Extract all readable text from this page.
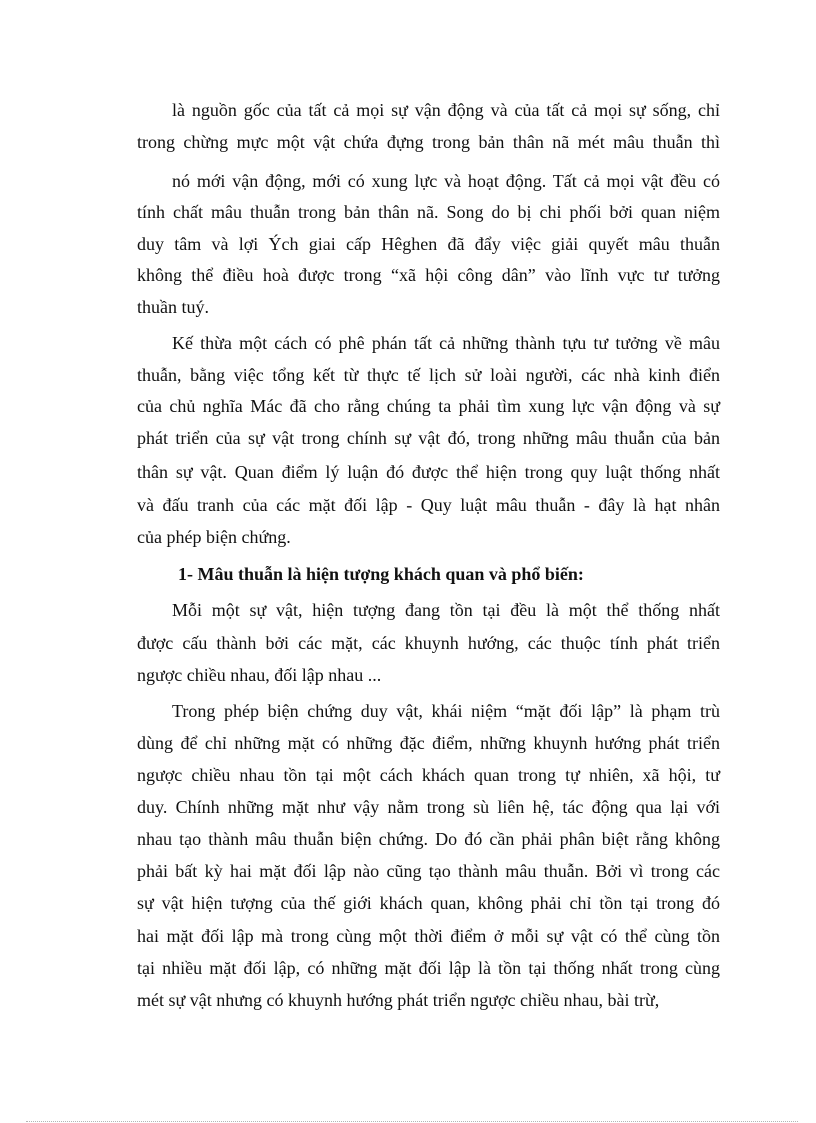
là nguồn gốc của tất cả mọi sự vận động và của tất cả mọi sự sống, chỉ
trong chừng mực một vật chứa đựng trong bản thân nã mét mâu thuẫn thì
nó mới vận động, mới có xung lực và hoạt động. Tất cả mọi vật đều có
tính chất mâu thuẫn trong bản thân nã. Song do bị chi phối bởi quan niệm
duy tâm và lợi Ých giai cấp Hêghen đã đẩy việc giải quyết mâu thuẫn
không thể điều hoà được trong “xã hội công dân” vào lĩnh vực tư tưởng
thuần tuý.
Kế thừa một cách có phê phán tất cả những thành tựu tư tưởng về mâu
thuẫn, bằng việc tổng kết từ thực tế lịch sử loài người, các nhà kinh điển
của chủ nghĩa Mác đã cho rằng chúng ta phải tìm xung lực vận động và sự
phát triển của sự vật trong chính sự vật đó, trong những mâu thuẫn của bản
thân sự vật. Quan điểm lý luận đó được thể hiện trong quy luật thống nhất
và đấu tranh của các mặt đối lập - Quy luật mâu thuẫn - đây là hạt nhân
của phép biện chứng.
1- Mâu thuẫn là hiện tượng khách quan và phổ biến:
Mỗi một sự vật, hiện tượng đang tồn tại đều là một thể thống nhất
được cấu thành bởi các mặt, các khuynh hướng, các thuộc tính phát triển
ngược chiều nhau, đối lập nhau ...
Trong phép biện chứng duy vật, khái niệm “mặt đối lập” là phạm trù
dùng để chỉ những mặt có những đặc điểm, những khuynh hướng phát triển
ngược chiều nhau tồn tại một cách khách quan trong tự nhiên, xã hội, tư
duy. Chính những mặt như vậy nằm trong sù liên hệ, tác động qua lại với
nhau tạo thành mâu thuẫn biện chứng. Do đó cần phải phân biệt rằng không
phải bất kỳ hai mặt đối lập nào cũng tạo thành mâu thuẫn. Bởi vì trong các
sự vật hiện tượng của thế giới khách quan, không phải chỉ tồn tại trong đó
hai mặt đối lập mà trong cùng một thời điểm ở mỗi sự vật có thể cùng tồn
tại nhiều mặt đối lập, có những mặt đối lập là tồn tại thống nhất trong cùng
mét sự vật nhưng có khuynh hướng phát triển ngược chiều nhau, bài trừ,
